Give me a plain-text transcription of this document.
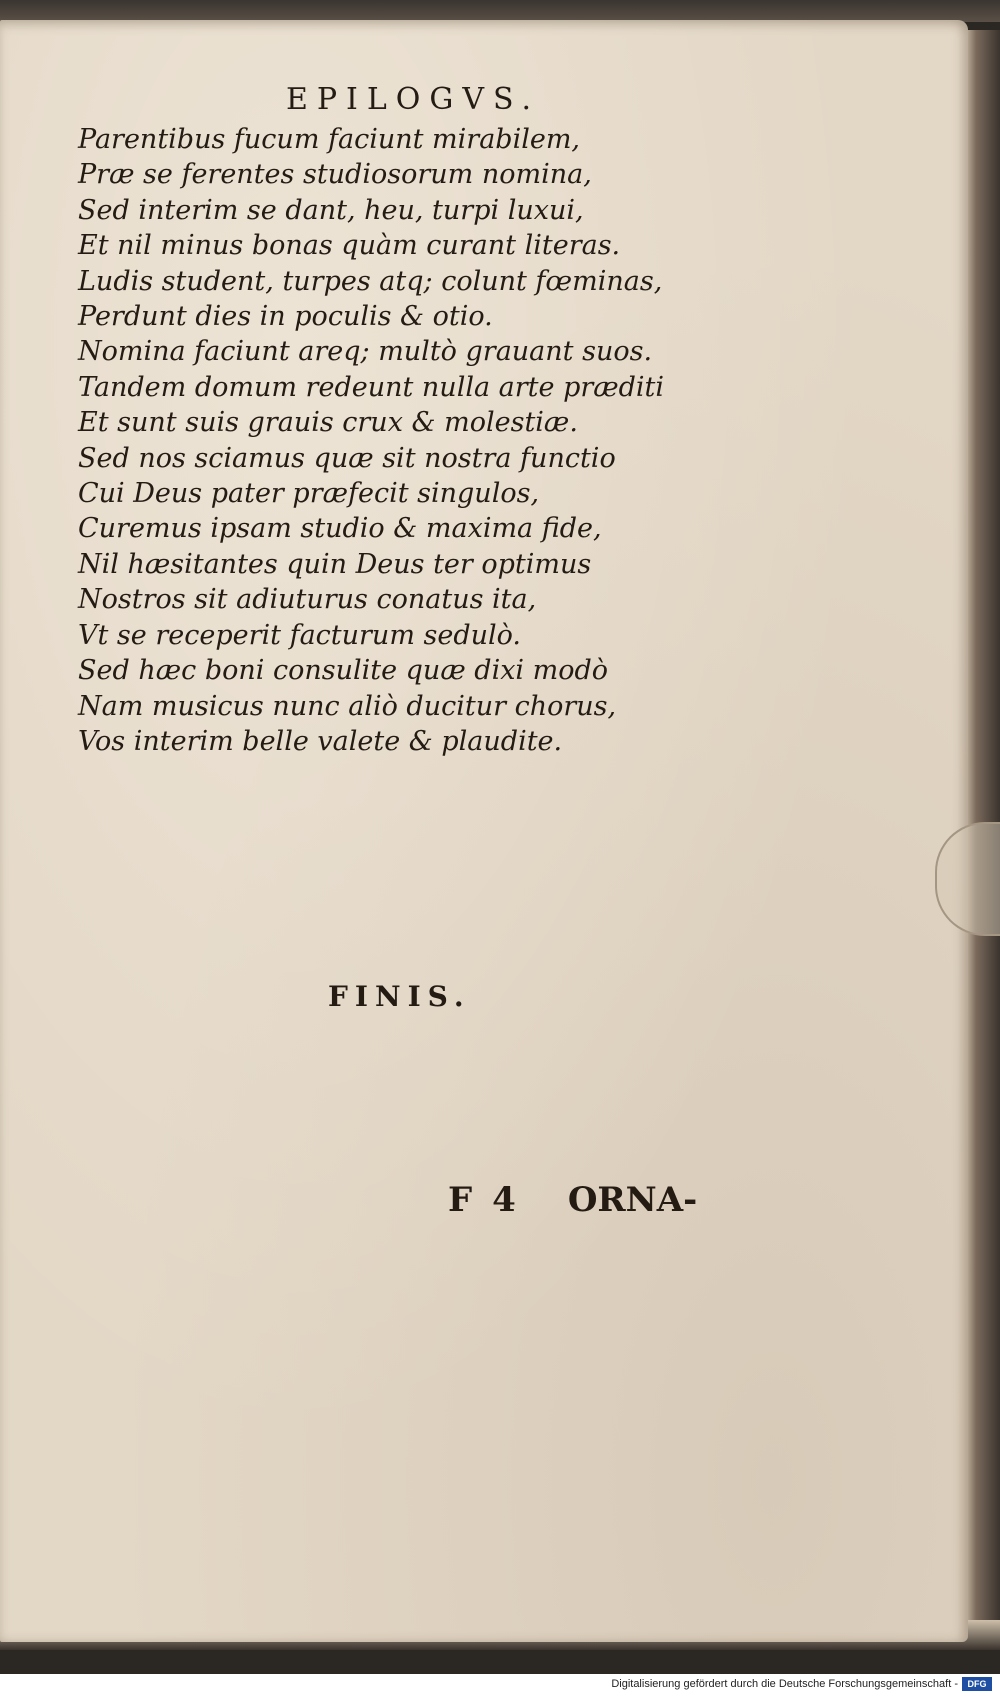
EPILOGVS.

Parentibus fucum faciunt mirabilem,

Præ se ferentes studiosorum nomina,

Sed interim se dant, heu, turpi luxui,

Et nil minus bonas quàm curant literas.

Ludis student, turpes atq; colunt fœminas,

Perdunt dies in poculis & otio.

Nomina faciunt areq; multò grauant suos.

Tandem domum redeunt nulla arte præditi

Et sunt suis grauis crux & molestiæ.

Sed nos sciamus quæ sit nostra functio

Cui Deus pater præfecit singulos,

Curemus ipsam studio & maxima fide,

Nil hæsitantes quin Deus ter optimus

Nostros sit adiuturus conatus ita,

Vt se receperit facturum sedulò.

Sed hæc boni consulite quæ dixi modò

Nam musicus nunc aliò ducitur chorus,

Vos interim belle valete & plaudite.

FINIS.
F 4 ORNA-
Digitalisierung gefördert durch die Deutsche Forschungsgemeinschaft -	DFG
